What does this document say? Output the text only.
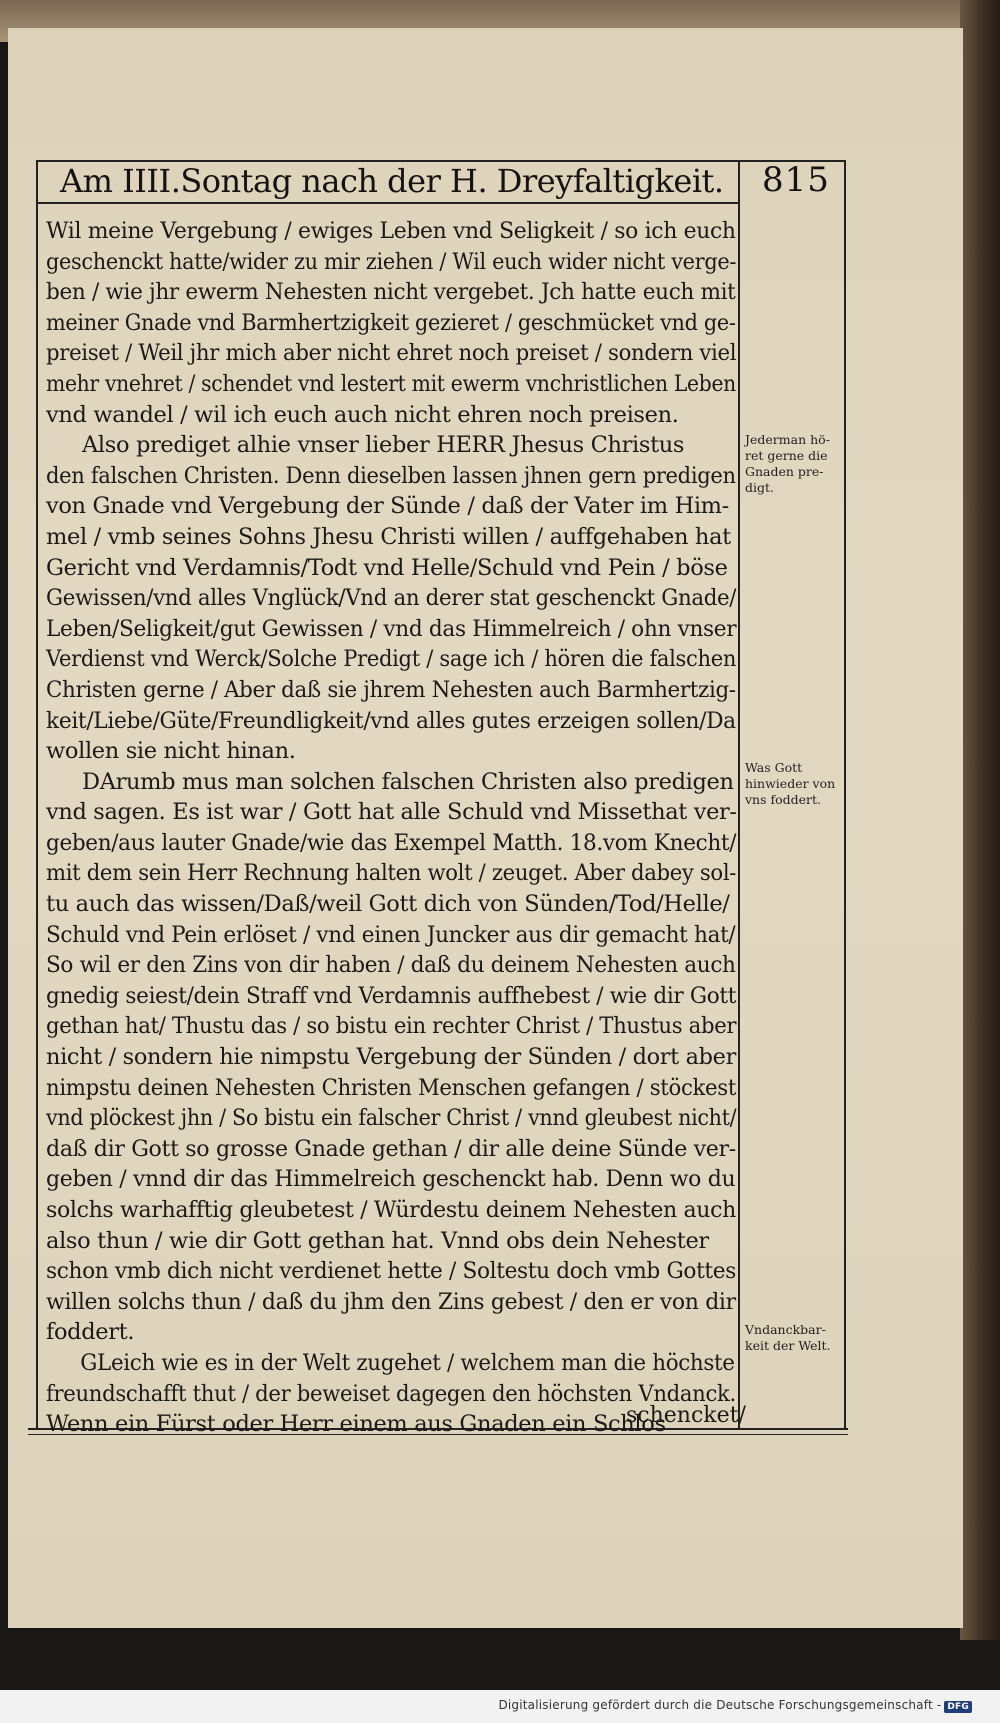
Am IIII.Sontag nach der H. Dreyfaltigkeit. 815
Wil meine Vergebung / ewiges Leben vnd Seligkeit / so ich euch
geschenckt hatte/wider zu mir ziehen / Wil euch wider nicht verge-
ben / wie jhr ewerm Nehesten nicht vergebet. Jch hatte euch mit
meiner Gnade vnd Barmhertzigkeit gezieret / geschmücket vnd ge-
preiset / Weil jhr mich aber nicht ehret noch preiset / sondern viel
mehr vnehret / schendet vnd lestert mit ewerm vnchristlichen Leben
vnd wandel / wil ich euch auch nicht ehren noch preisen.
Also prediget alhie vnser lieber HERR Jhesus Christus
den falschen Christen. Denn dieselben lassen jhnen gern predigen
von Gnade vnd Vergebung der Sünde / daß der Vater im Him-
mel / vmb seines Sohns Jhesu Christi willen / auffgehaben hat
Gericht vnd Verdamnis/Todt vnd Helle/Schuld vnd Pein / böse
Gewissen/vnd alles Vnglück/Vnd an derer stat geschenckt Gnade/
Leben/Seligkeit/gut Gewissen / vnd das Himmelreich / ohn vnser
Verdienst vnd Werck/Solche Predigt / sage ich / hören die falschen
Christen gerne / Aber daß sie jhrem Nehesten auch Barmhertzig-
keit/Liebe/Güte/Freundligkeit/vnd alles gutes erzeigen sollen/Da
wollen sie nicht hinan.
DArumb mus man solchen falschen Christen also predigen
vnd sagen. Es ist war / Gott hat alle Schuld vnd Missethat ver-
geben/aus lauter Gnade/wie das Exempel Matth. 18.vom Knecht/
mit dem sein Herr Rechnung halten wolt / zeuget. Aber dabey sol-
tu auch das wissen/Daß/weil Gott dich von Sünden/Tod/Helle/
Schuld vnd Pein erlöset / vnd einen Juncker aus dir gemacht hat/
So wil er den Zins von dir haben / daß du deinem Nehesten auch
gnedig seiest/dein Straff vnd Verdamnis auffhebest / wie dir Gott
gethan hat/ Thustu das / so bistu ein rechter Christ / Thustus aber
nicht / sondern hie nimpstu Vergebung der Sünden / dort aber
nimpstu deinen Nehesten Christen Menschen gefangen / stöckest
vnd plöckest jhn / So bistu ein falscher Christ / vnnd gleubest nicht/
daß dir Gott so grosse Gnade gethan / dir alle deine Sünde ver-
geben / vnnd dir das Himmelreich geschenckt hab. Denn wo du
solchs warhafftig gleubetest / Würdestu deinem Nehesten auch
also thun / wie dir Gott gethan hat. Vnnd obs dein Nehester
schon vmb dich nicht verdienet hette / Soltestu doch vmb Gottes
willen solchs thun / daß du jhm den Zins gebest / den er von dir
foddert.
GLeich wie es in der Welt zugehet / welchem man die höchste
freundschafft thut / der beweiset dagegen den höchsten Vndanck.
Wenn ein Fürst oder Herr einem aus Gnaden ein Schlos
Jederman hö- ret gerne die Gnaden pre- digt.
Was Gott hinwieder von vns foddert.
Vndanckbar- keit der Welt.
schencket/
Digitalisierung gefördert durch die Deutsche Forschungsgemeinschaft - DFG
